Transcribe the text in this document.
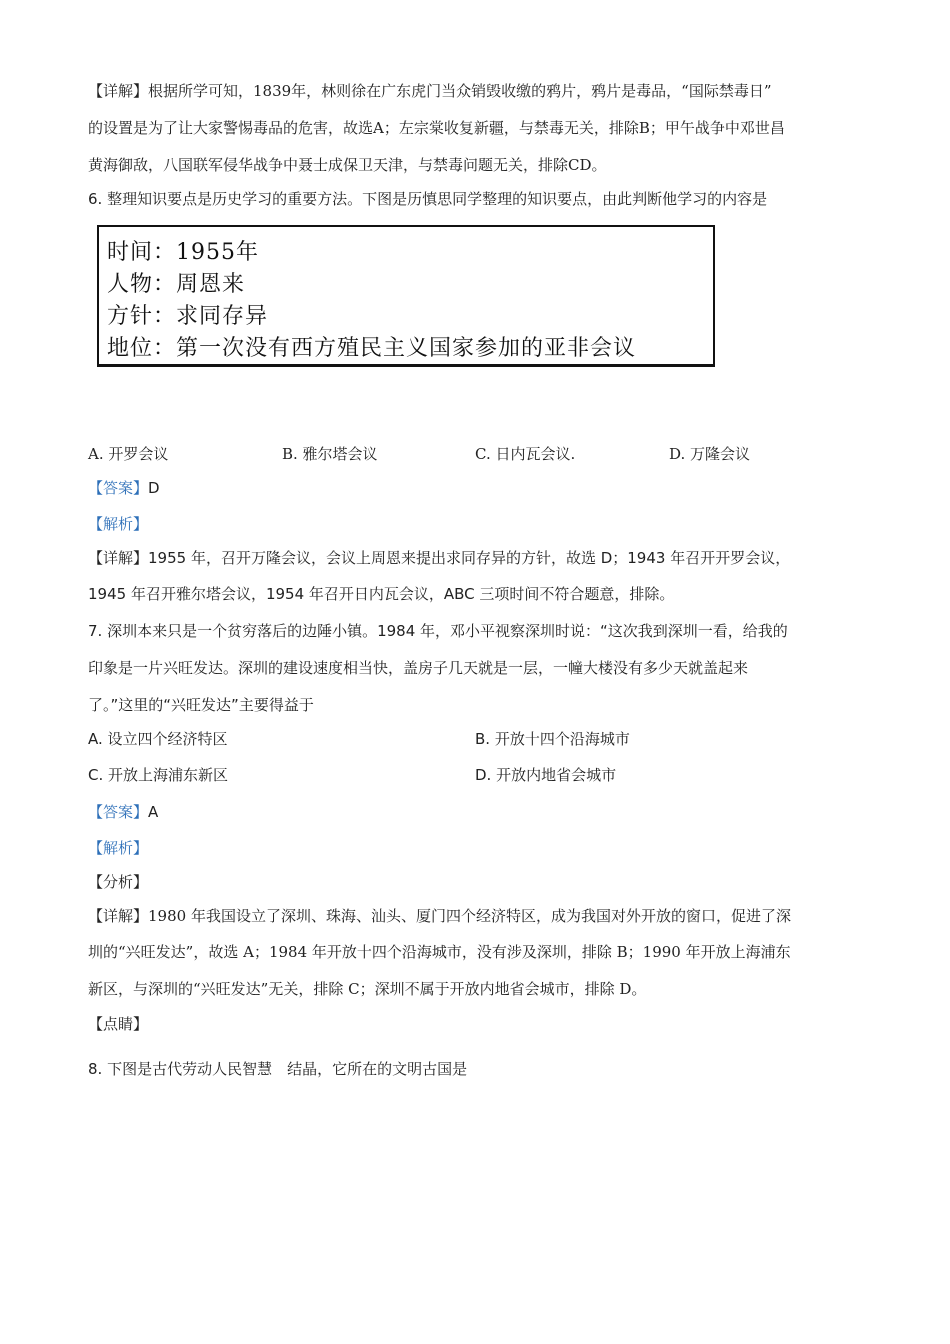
【详解】根据所学可知，1839年，林则徐在广东虎门当众销毁收缴的鸦片，鸦片是毒品，“国际禁毒日”
的设置是为了让大家警惕毒品的危害，故选A；左宗棠收复新疆，与禁毒无关，排除B；甲午战争中邓世昌
黄海御敌，八国联军侵华战争中聂士成保卫天津，与禁毒问题无关，排除CD。
6. 整理知识要点是历史学习的重要方法。下图是历慎思同学整理的知识要点，由此判断他学习的内容是
时间：1955年
人物：周恩来
方针：求同存异
地位：第一次没有西方殖民主义国家参加的亚非会议
A. 开罗会议	B. 雅尔塔会议	C. 日内瓦会议.	D. 万隆会议
【答案】D
【解析】
【详解】1955 年，召开万隆会议，会议上周恩来提出求同存异的方针，故选 D；1943 年召开开罗会议，
1945 年召开雅尔塔会议，1954 年召开日内瓦会议，ABC 三项时间不符合题意，排除。
7. 深圳本来只是一个贫穷落后的边陲小镇。1984 年，邓小平视察深圳时说：“这次我到深圳一看，给我的
印象是一片兴旺发达。深圳的建设速度相当快，盖房子几天就是一层，一幢大楼没有多少天就盖起来
了。”这里的“兴旺发达”主要得益于
A. 设立四个经济特区	B. 开放十四个沿海城市
C. 开放上海浦东新区	D. 开放内地省会城市
【答案】A
【解析】
【分析】
【详解】1980 年我国设立了深圳、珠海、汕头、厦门四个经济特区，成为我国对外开放的窗口，促进了深
圳的“兴旺发达”，故选 A；1984 年开放十四个沿海城市，没有涉及深圳，排除 B；1990 年开放上海浦东
新区，与深圳的“兴旺发达”无关，排除 C；深圳不属于开放内地省会城市，排除 D。
【点睛】
8. 下图是古代劳动人民智慧　结晶，它所在的文明古国是
